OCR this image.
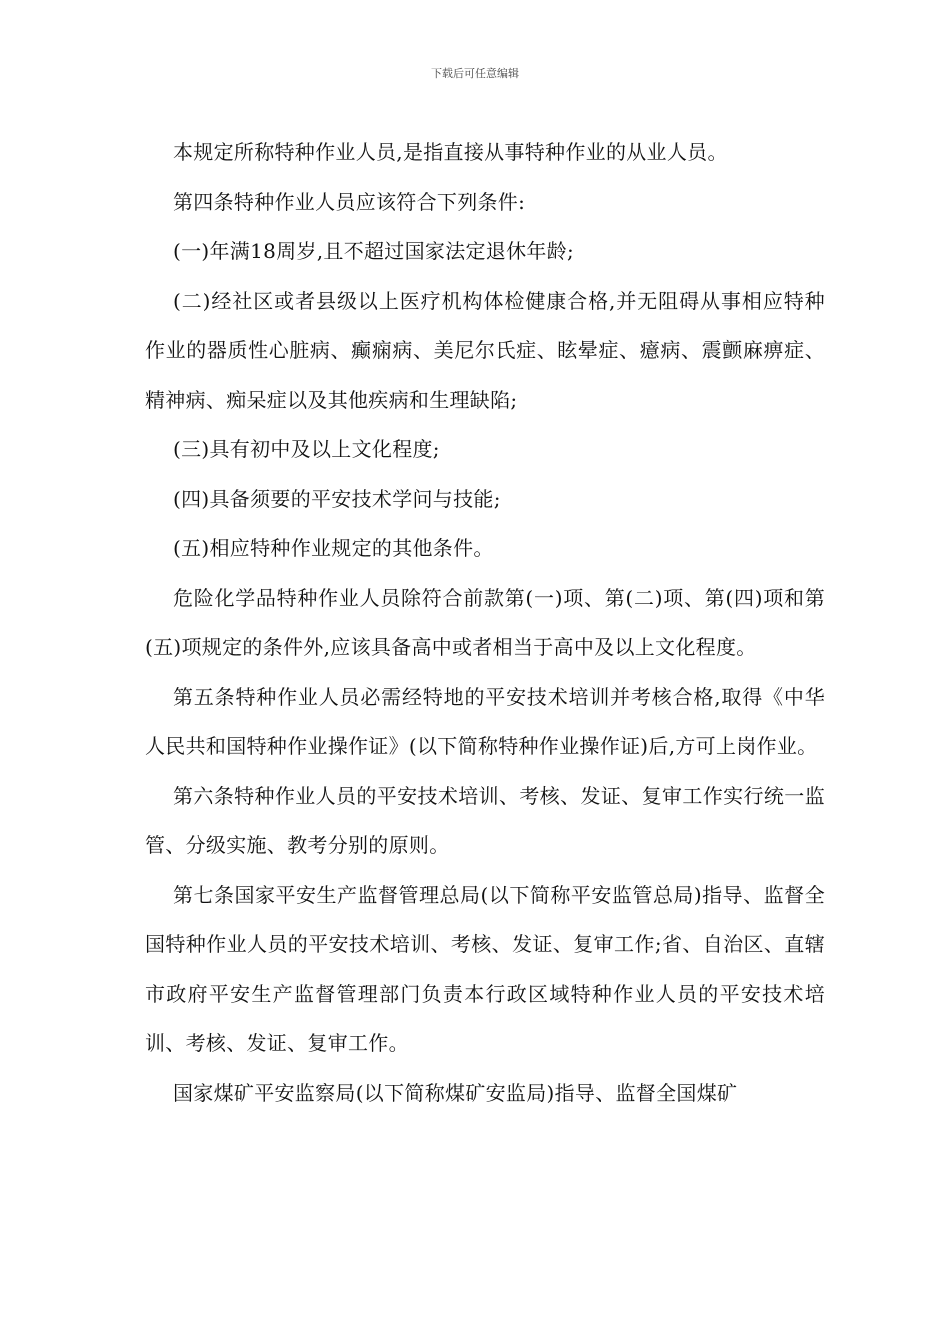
下载后可任意编辑

本规定所称特种作业人员,是指直接从事特种作业的从业人员。

第四条特种作业人员应该符合下列条件:

(一)年满18周岁,且不超过国家法定退休年龄;

(二)经社区或者县级以上医疗机构体检健康合格,并无阻碍从事相应特种作业的器质性心脏病、癫痫病、美尼尔氏症、眩晕症、癔病、震颤麻痹症、精神病、痴呆症以及其他疾病和生理缺陷;

(三)具有初中及以上文化程度;

(四)具备须要的平安技术学问与技能;

(五)相应特种作业规定的其他条件。

危险化学品特种作业人员除符合前款第(一)项、第(二)项、第(四)项和第(五)项规定的条件外,应该具备高中或者相当于高中及以上文化程度。

第五条特种作业人员必需经特地的平安技术培训并考核合格,取得《中华人民共和国特种作业操作证》(以下简称特种作业操作证)后,方可上岗作业。

第六条特种作业人员的平安技术培训、考核、发证、复审工作实行统一监管、分级实施、教考分别的原则。

第七条国家平安生产监督管理总局(以下简称平安监管总局)指导、监督全国特种作业人员的平安技术培训、考核、发证、复审工作;省、自治区、直辖市政府平安生产监督管理部门负责本行政区域特种作业人员的平安技术培训、考核、发证、复审工作。

国家煤矿平安监察局(以下简称煤矿安监局)指导、监督全国煤矿
